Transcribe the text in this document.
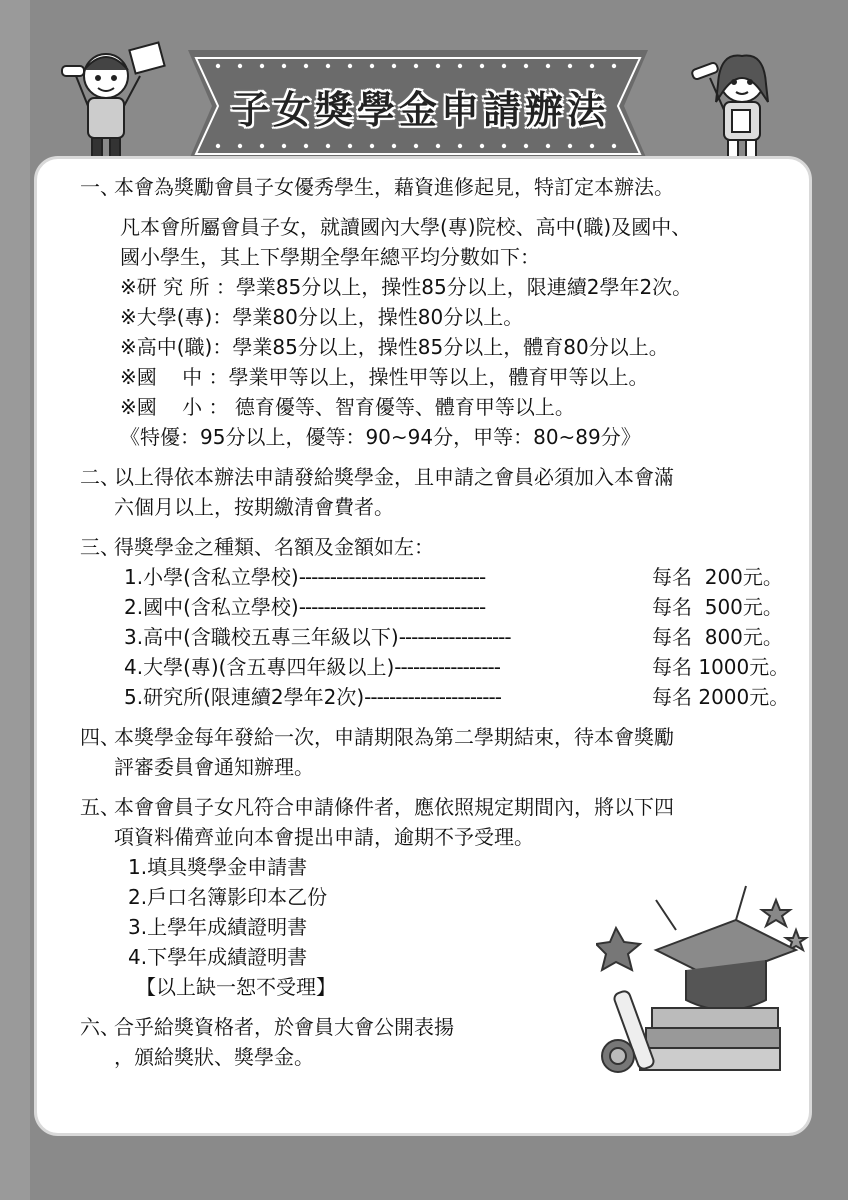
子女獎學金申請辦法
一、
本會為獎勵會員子女優秀學生，藉資進修起見，特訂定本辦法。
凡本會所屬會員子女，就讀國內大學(專)院校、高中(職)及國中、
國小學生，其上下學期全學年總平均分數如下：
※研 究 所 ：學業85分以上，操性85分以上，限連續2學年2次。
※大學(專)：學業80分以上，操性80分以上。
※高中(職)：學業85分以上，操性85分以上，體育80分以上。
※國    中 ：學業甲等以上，操性甲等以上，體育甲等以上。
※國    小 ： 德育優等、智育優等、體育甲等以上。
《特優：95分以上，優等：90~94分，甲等：80~89分》
二、
以上得依本辦法申請發給獎學金，且申請之會員必須加入本會滿
六個月以上，按期繳清會費者。
三、
得獎學金之種類、名額及金額如左：
1.小學(含私立學校) ------------------------------	每名  200元。
2.國中(含私立學校) ------------------------------	每名  500元。
3.高中(含職校五專三年級以下) ------------------	每名  800元。
4.大學(專)(含五專四年級以上) -----------------	每名 1000元。
5.研究所(限連續2學年2次) ----------------------	每名 2000元。
四、
本獎學金每年發給一次，申請期限為第二學期結束，待本會獎勵
評審委員會通知辦理。
五、
本會會員子女凡符合申請條件者，應依照規定期間內，將以下四
項資料備齊並向本會提出申請，逾期不予受理。
1.填具獎學金申請書
2.戶口名簿影印本乙份
3.上學年成績證明書
4.下學年成績證明書
【以上缺一恕不受理】
六、
合乎給獎資格者，於會員大會公開表揚
，頒給獎狀、獎學金。
